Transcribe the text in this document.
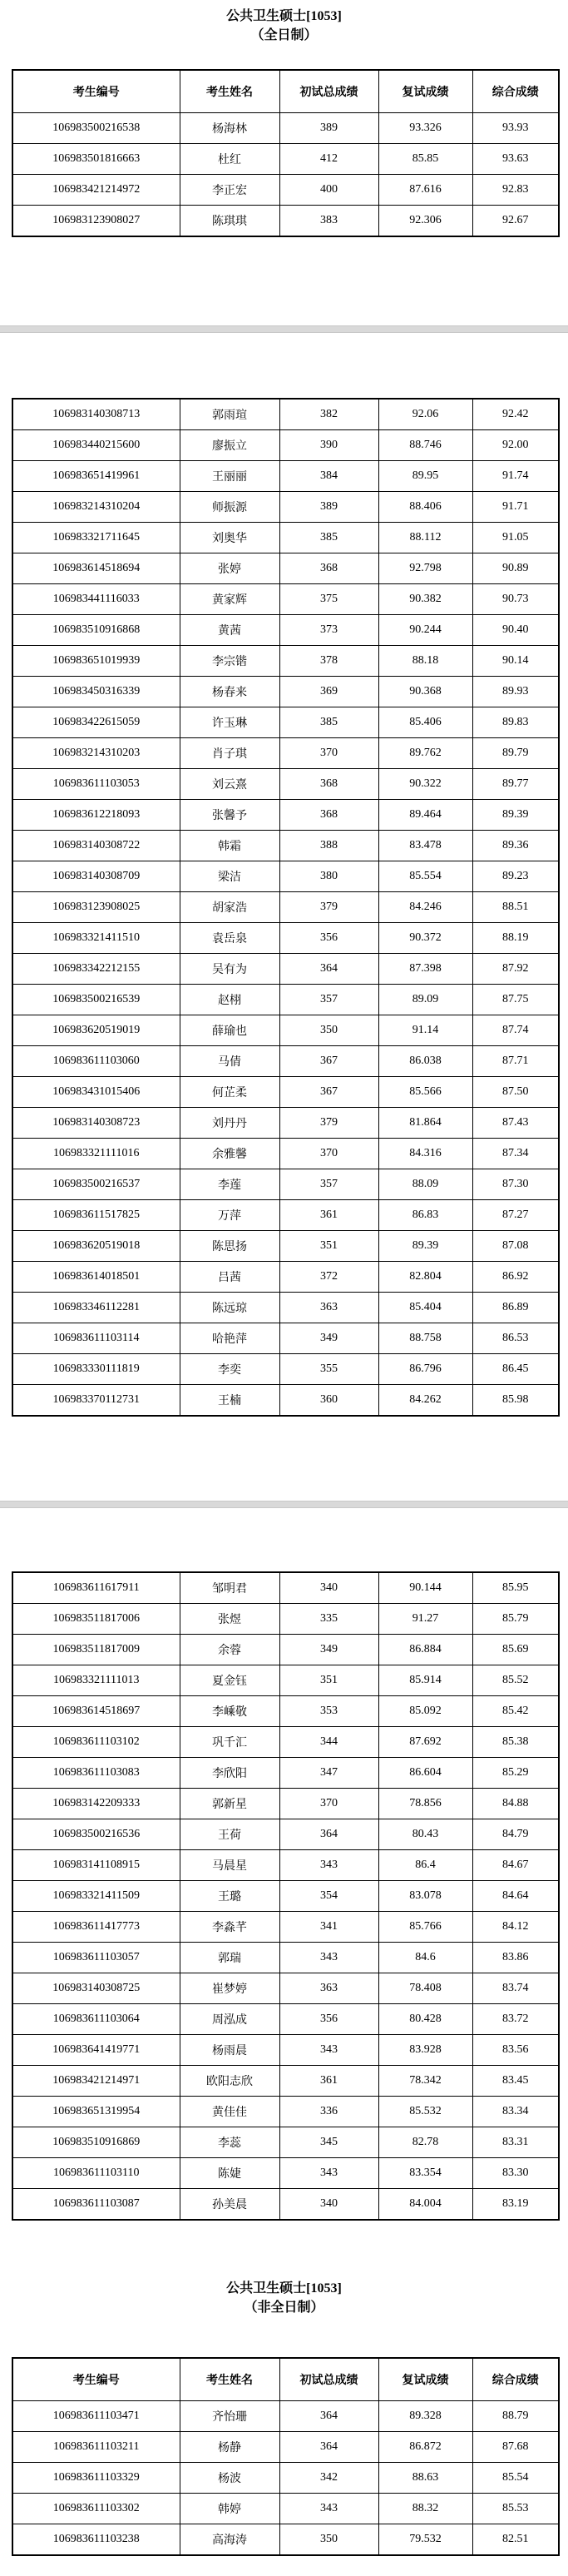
公共卫生硕士[1053]
（全日制）
考生编号	考生姓名	初试总成绩	复试成绩	综合成绩
106983500216538	杨海林	389	93.326	93.93
106983501816663	杜红	412	85.85	93.63
106983421214972	李正宏	400	87.616	92.83
106983123908027	陈琪琪	383	92.306	92.67
106983140308713	郭雨瑄	382	92.06	92.42
106983440215600	廖振立	390	88.746	92.00
106983651419961	王丽丽	384	89.95	91.74
106983214310204	师振源	389	88.406	91.71
106983321711645	刘奥华	385	88.112	91.05
106983614518694	张婷	368	92.798	90.89
106983441116033	黄家辉	375	90.382	90.73
106983510916868	黄茜	373	90.244	90.40
106983651019939	李宗锴	378	88.18	90.14
106983450316339	杨春来	369	90.368	89.93
106983422615059	许玉琳	385	85.406	89.83
106983214310203	肖子琪	370	89.762	89.79
106983611103053	刘云熹	368	90.322	89.77
106983612218093	张馨予	368	89.464	89.39
106983140308722	韩霜	388	83.478	89.36
106983140308709	梁洁	380	85.554	89.23
106983123908025	胡家浩	379	84.246	88.51
106983321411510	袁岳泉	356	90.372	88.19
106983342212155	吴有为	364	87.398	87.92
106983500216539	赵栩	357	89.09	87.75
106983620519019	薛瑜也	350	91.14	87.74
106983611103060	马倩	367	86.038	87.71
106983431015406	何芷柔	367	85.566	87.50
106983140308723	刘丹丹	379	81.864	87.43
106983321111016	余雅馨	370	84.316	87.34
106983500216537	李莲	357	88.09	87.30
106983611517825	万萍	361	86.83	87.27
106983620519018	陈思扬	351	89.39	87.08
106983614018501	吕茜	372	82.804	86.92
106983346112281	陈远琼	363	85.404	86.89
106983611103114	哈艳萍	349	88.758	86.53
106983330111819	李奕	355	86.796	86.45
106983370112731	王楠	360	84.262	85.98
106983611617911	邹明君	340	90.144	85.95
106983511817006	张煜	335	91.27	85.79
106983511817009	余蓉	349	86.884	85.69
106983321111013	夏金钰	351	85.914	85.52
106983614518697	李嵊敬	353	85.092	85.42
106983611103102	巩千汇	344	87.692	85.38
106983611103083	李欣阳	347	86.604	85.29
106983142209333	郭新星	370	78.856	84.88
106983500216536	王荷	364	80.43	84.79
106983141108915	马晨星	343	86.4	84.67
106983321411509	王璐	354	83.078	84.64
106983611417773	李淼芊	341	85.766	84.12
106983611103057	郭瑞	343	84.6	83.86
106983140308725	崔梦婷	363	78.408	83.74
106983611103064	周泓成	356	80.428	83.72
106983641419771	杨雨晨	343	83.928	83.56
106983421214971	欧阳志欣	361	78.342	83.45
106983651319954	黄佳佳	336	85.532	83.34
106983510916869	李蕊	345	82.78	83.31
106983611103110	陈婕	343	83.354	83.30
106983611103087	孙美晨	340	84.004	83.19
公共卫生硕士[1053]
（非全日制）
考生编号	考生姓名	初试总成绩	复试成绩	综合成绩
106983611103471	齐怡珊	364	89.328	88.79
106983611103211	杨静	364	86.872	87.68
106983611103329	杨波	342	88.63	85.54
106983611103302	韩婷	343	88.32	85.53
106983611103238	高海涛	350	79.532	82.51
